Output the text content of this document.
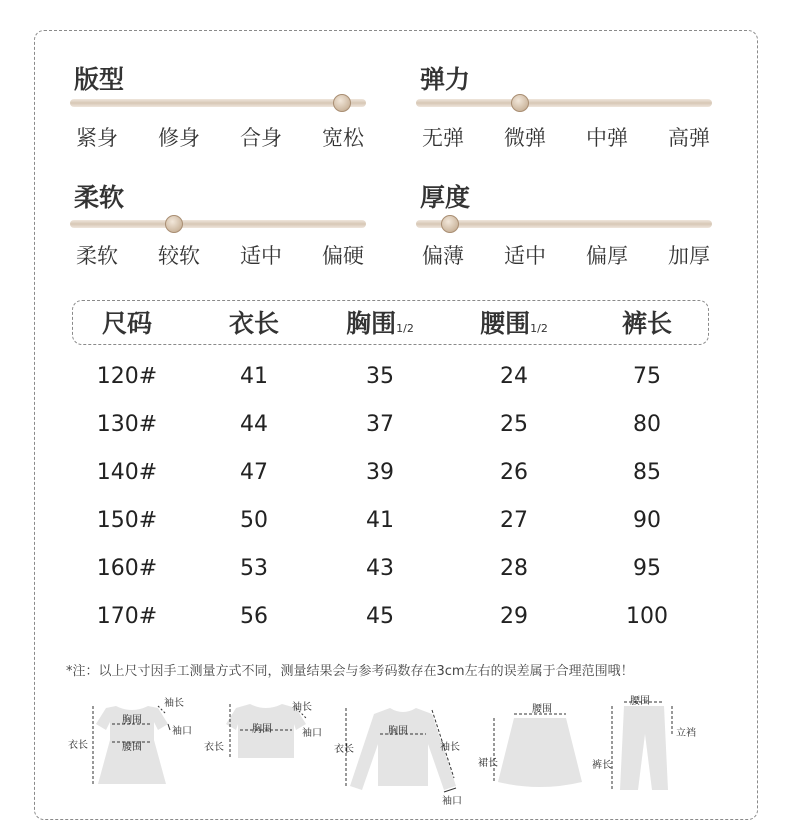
版型
紧身 修身 合身 宽松
弹力
无弹 微弹 中弹 高弹
柔软
柔软 较软 适中 偏硬
厚度
偏薄 适中 偏厚 加厚
尺码	衣长	胸围1/2	腰围1/2	裤长
120#	41	35	24	75
130#	44	37	25	80
140#	47	39	26	85
150#	50	41	27	90
160#	53	43	28	95
170#	56	45	29	100
*注：以上尺寸因手工测量方式不同，测量结果会与参考码数存在3cm左右的误差属于合理范围哦！
袖长
胸围
袖口
衣长	腰围
袖长
胸围	袖口
衣长
胸围
衣长	袖长
袖口
腰围
裙长
腰围
立裆
裤长
